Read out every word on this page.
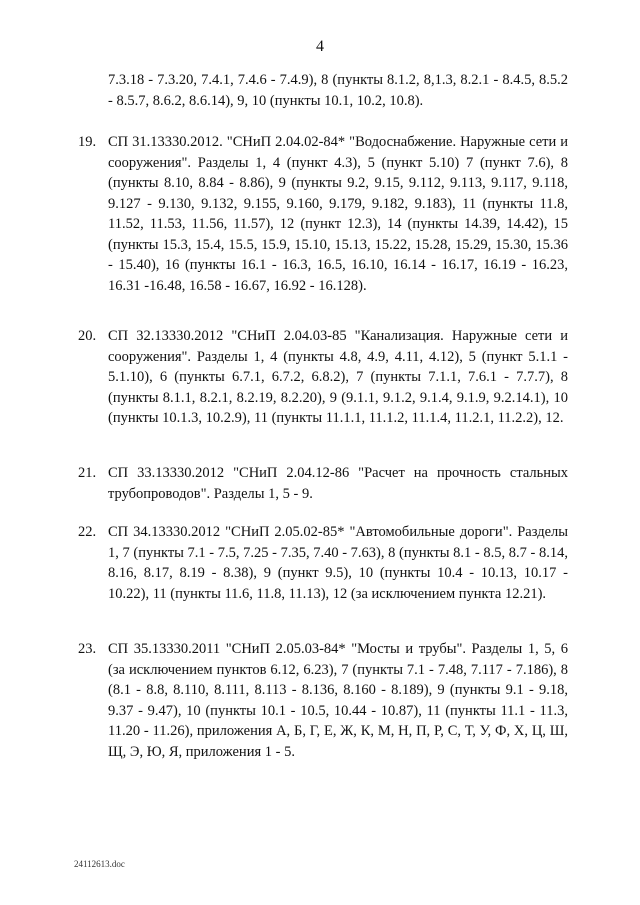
4
7.3.18 - 7.3.20, 7.4.1, 7.4.6 - 7.4.9), 8 (пункты 8.1.2, 8,1.3, 8.2.1 - 8.4.5, 8.5.2 - 8.5.7, 8.6.2, 8.6.14), 9, 10 (пункты 10.1, 10.2, 10.8).
19. СП 31.13330.2012. "СНиП 2.04.02-84* "Водоснабжение. Наружные сети и сооружения". Разделы 1, 4 (пункт 4.3), 5 (пункт 5.10) 7 (пункт 7.6), 8 (пункты 8.10, 8.84 - 8.86), 9 (пункты 9.2, 9.15, 9.112, 9.113, 9.117, 9.118, 9.127 - 9.130, 9.132, 9.155, 9.160, 9.179, 9.182, 9.183), 11 (пункты 11.8, 11.52, 11.53, 11.56, 11.57), 12 (пункт 12.3), 14 (пункты 14.39, 14.42), 15 (пункты 15.3, 15.4, 15.5, 15.9, 15.10, 15.13, 15.22, 15.28, 15.29, 15.30, 15.36 - 15.40), 16 (пункты 16.1 - 16.3, 16.5, 16.10, 16.14 - 16.17, 16.19 - 16.23, 16.31 -16.48, 16.58 - 16.67, 16.92 - 16.128).
20. СП 32.13330.2012 "СНиП 2.04.03-85 "Канализация. Наружные сети и сооружения". Разделы 1, 4 (пункты 4.8, 4.9, 4.11, 4.12), 5 (пункт 5.1.1 - 5.1.10), 6 (пункты 6.7.1, 6.7.2, 6.8.2), 7 (пункты 7.1.1, 7.6.1 - 7.7.7), 8 (пункты 8.1.1, 8.2.1, 8.2.19, 8.2.20), 9 (9.1.1, 9.1.2, 9.1.4, 9.1.9, 9.2.14.1), 10 (пункты 10.1.3, 10.2.9), 11 (пункты 11.1.1, 11.1.2, 11.1.4, 11.2.1, 11.2.2), 12.
21. СП 33.13330.2012 "СНиП 2.04.12-86 "Расчет на прочность стальных трубопроводов". Разделы 1, 5 - 9.
22. СП 34.13330.2012 "СНиП 2.05.02-85* "Автомобильные дороги". Разделы 1, 7 (пункты 7.1 - 7.5, 7.25 - 7.35, 7.40 - 7.63), 8 (пункты 8.1 - 8.5, 8.7 - 8.14, 8.16, 8.17, 8.19 - 8.38), 9 (пункт 9.5), 10 (пункты 10.4 - 10.13, 10.17 - 10.22), 11 (пункты 11.6, 11.8, 11.13), 12 (за исключением пункта 12.21).
23. СП 35.13330.2011 "СНиП 2.05.03-84* "Мосты и трубы". Разделы 1, 5, 6 (за исключением пунктов 6.12, 6.23), 7 (пункты 7.1 - 7.48, 7.117 - 7.186), 8 (8.1 - 8.8, 8.110, 8.111, 8.113 - 8.136, 8.160 - 8.189), 9 (пункты 9.1 - 9.18, 9.37 - 9.47), 10 (пункты 10.1 - 10.5, 10.44 - 10.87), 11 (пункты 11.1 - 11.3, 11.20 - 11.26), приложения А, Б, Г, Е, Ж, К, М, Н, П, Р, С, Т, У, Ф, Х, Ц, Ш, Щ, Э, Ю, Я, приложения 1 - 5.
24112613.doc
